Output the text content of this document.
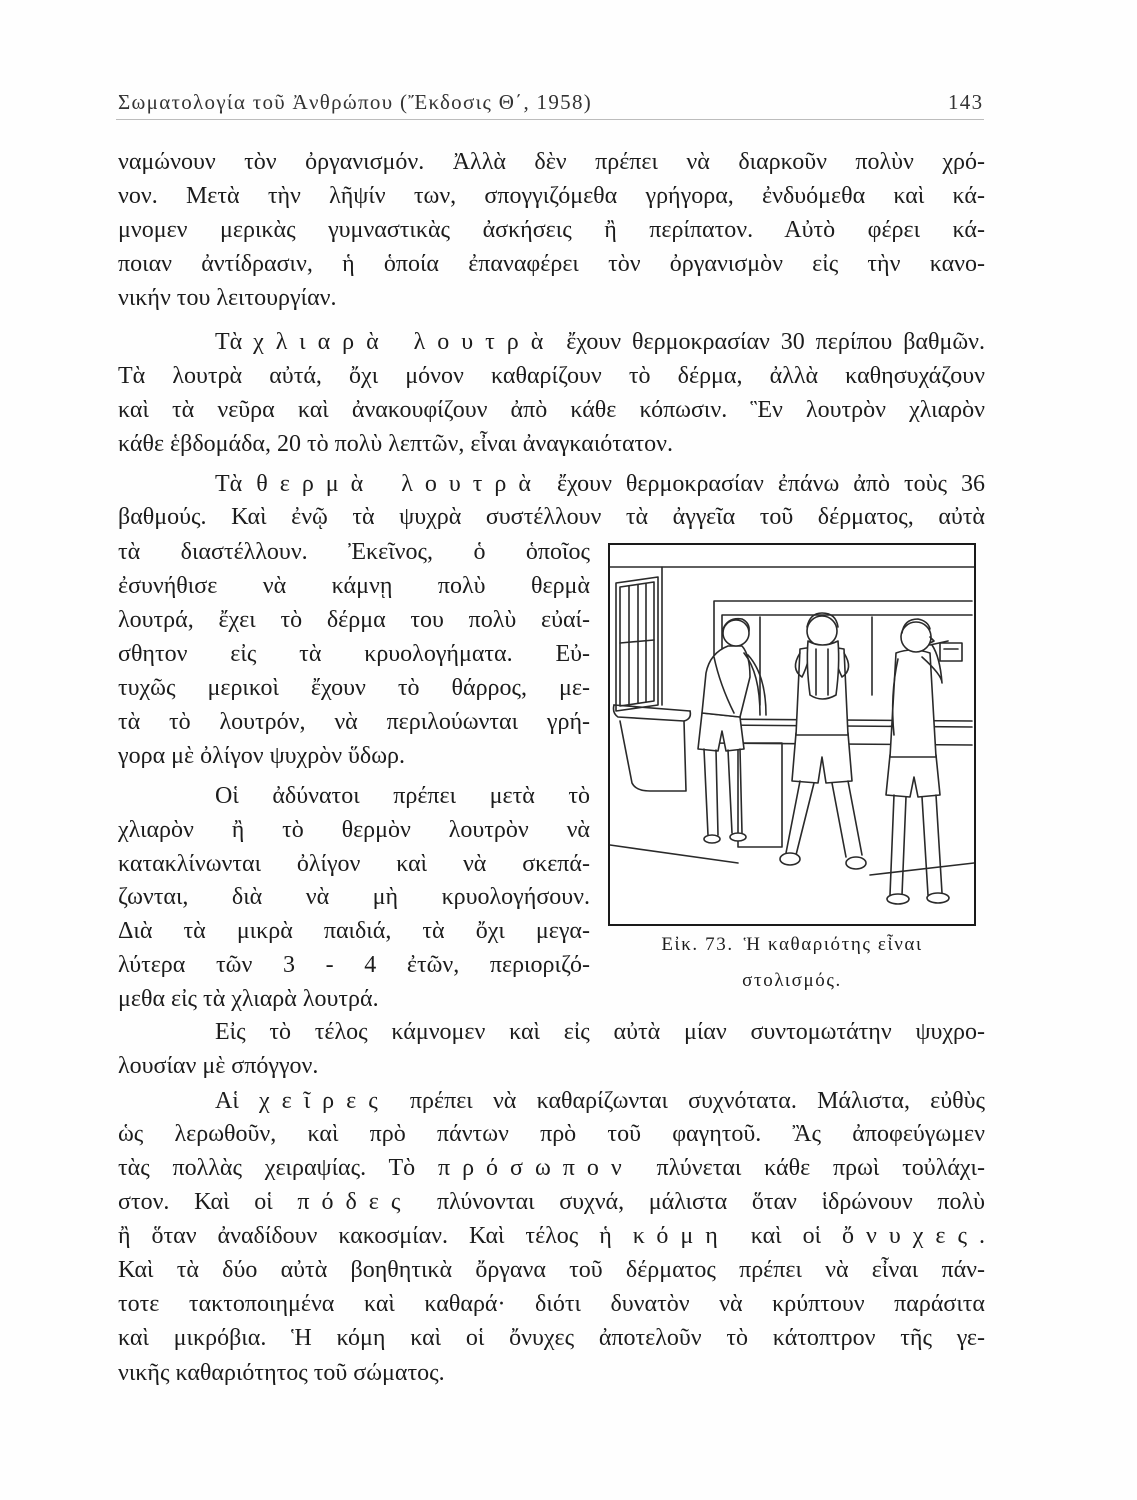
Σωματολογία τοῦ Ἀνθρώπου (Ἔκδοσις Θ΄, 1958)	143
ναμώνουν τὸν ὀργανισμόν. Ἀλλὰ δὲν πρέπει νὰ διαρκοῦν πολὺν χρό-
νον. Μετὰ τὴν λῆψίν των, σπογγιζόμεθα γρήγορα, ἐνδυόμεθα καὶ κά-
μνομεν μερικὰς γυμναστικὰς ἀσκήσεις ἢ περίπατον. Αὐτὸ φέρει κά-
ποιαν ἀντίδρασιν, ἡ ὁποία ἐπαναφέρει τὸν ὀργανισμὸν εἰς τὴν κανο-
νικήν του λειτουργίαν.
Τὰ χλιαρὰ λουτρὰ ἔχουν θερμοκρασίαν 30 περίπου βαθμῶν.
Τὰ λουτρὰ αὐτά, ὄχι μόνον καθαρίζουν τὸ δέρμα, ἀλλὰ καθησυχάζουν
καὶ τὰ νεῦρα καὶ ἀνακουφίζουν ἀπὸ κάθε κόπωσιν. Ἓν λουτρὸν χλιαρὸν
κάθε ἑβδομάδα, 20 τὸ πολὺ λεπτῶν, εἶναι ἀναγκαιότατον.
Τὰ θερμὰ λουτρὰ ἔχουν θερμοκρασίαν ἐπάνω ἀπὸ τοὺς 36
βαθμούς. Καὶ ἐνῷ τὰ ψυχρὰ συστέλλουν τὰ ἀγγεῖα τοῦ δέρματος, αὐτὰ
τὰ διαστέλλουν. Ἐκεῖνος, ὁ ὁποῖος
ἐσυνήθισε νὰ κάμνῃ πολὺ θερμὰ
λουτρά, ἔχει τὸ δέρμα του πολὺ εὐαί-
σθητον εἰς τὰ κρυολογήματα. Εὐ-
τυχῶς μερικοὶ ἔχουν τὸ θάρρος, με-
τὰ τὸ λουτρόν, νὰ περιλούωνται γρή-
γορα μὲ ὀλίγον ψυχρὸν ὕδωρ.
Οἱ ἀδύνατοι πρέπει μετὰ τὸ
χλιαρὸν ἢ τὸ θερμὸν λουτρὸν νὰ
κατακλίνωνται ὀλίγον καὶ νὰ σκεπά-
ζωνται, διὰ νὰ μὴ κρυολογήσουν.
Διὰ τὰ μικρὰ παιδιά, τὰ ὄχι μεγα-
λύτερα τῶν 3 - 4 ἐτῶν, περιοριζό-
μεθα εἰς τὰ χλιαρὰ λουτρά.
Εἰς τὸ τέλος κάμνομεν καὶ εἰς αὐτὰ μίαν συντομωτάτην ψυχρο-
λουσίαν μὲ σπόγγον.
Αἱ χεῖρες πρέπει νὰ καθαρίζωνται συχνότατα. Μάλιστα, εὐθὺς
ὡς λερωθοῦν, καὶ πρὸ πάντων πρὸ τοῦ φαγητοῦ. Ἂς ἀποφεύγωμεν
τὰς πολλὰς χειραψίας. Τὸ πρόσωπον πλύνεται κάθε πρωὶ τοὐλάχι-
στον. Καὶ οἱ πόδες πλύνονται συχνά, μάλιστα ὅταν ἱδρώνουν πολὺ
ἢ ὅταν ἀναδίδουν κακοσμίαν. Καὶ τέλος ἡ κόμη καὶ οἱ ὄνυχες.
Καὶ τὰ δύο αὐτὰ βοηθητικὰ ὄργανα τοῦ δέρματος πρέπει νὰ εἶναι πάν-
τοτε τακτοποιημένα καὶ καθαρά· διότι δυνατὸν νὰ κρύπτουν παράσιτα
καὶ μικρόβια. Ἡ κόμη καὶ οἱ ὄνυχες ἀποτελοῦν τὸ κάτοπτρον τῆς γε-
νικῆς καθαριότητος τοῦ σώματος.
Εἰκ. 73. Ἡ καθαριότης εἶναι
στολισμός.
